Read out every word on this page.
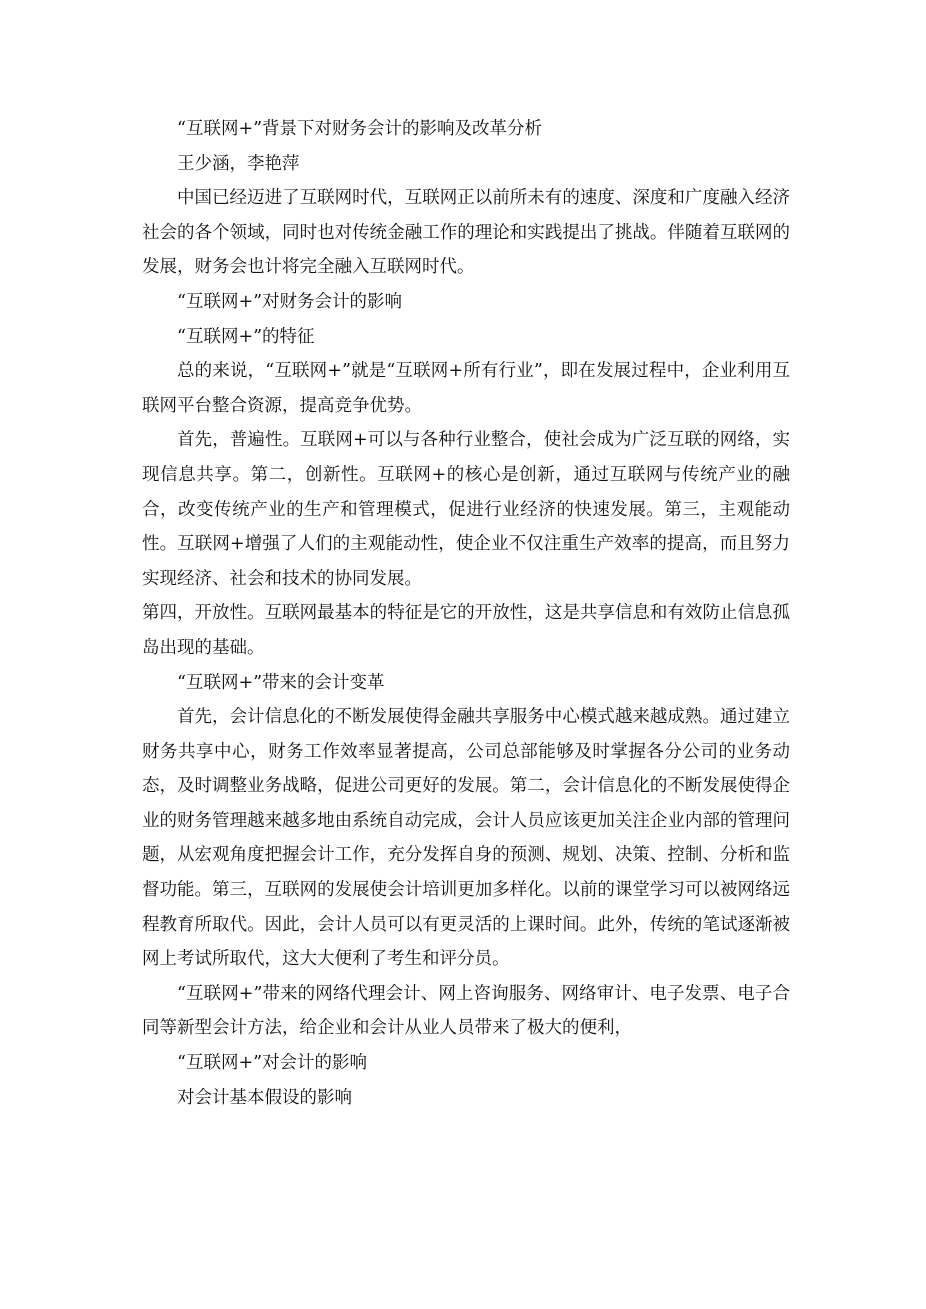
“互联网+”背景下对财务会计的影响及改革分析

王少涵，李艳萍

中国已经迈进了互联网时代，互联网正以前所未有的速度、深度和广度融入经济社会的各个领域，同时也对传统金融工作的理论和实践提出了挑战。伴随着互联网的发展，财务会也计将完全融入互联网时代。

“互联网+”对财务会计的影响

“互联网+”的特征

总的来说，“互联网+”就是“互联网+所有行业”，即在发展过程中，企业利用互联网平台整合资源，提高竞争优势。

首先，普遍性。互联网+可以与各种行业整合，使社会成为广泛互联的网络，实现信息共享。第二，创新性。互联网+的核心是创新，通过互联网与传统产业的融合，改变传统产业的生产和管理模式，促进行业经济的快速发展。第三，主观能动性。互联网+增强了人们的主观能动性，使企业不仅注重生产效率的提高，而且努力实现经济、社会和技术的协同发展。

第四，开放性。互联网最基本的特征是它的开放性，这是共享信息和有效防止信息孤岛出现的基础。

“互联网+”带来的会计变革

首先，会计信息化的不断发展使得金融共享服务中心模式越来越成熟。通过建立财务共享中心，财务工作效率显著提高，公司总部能够及时掌握各分公司的业务动态，及时调整业务战略，促进公司更好的发展。第二，会计信息化的不断发展使得企业的财务管理越来越多地由系统自动完成，会计人员应该更加关注企业内部的管理问题，从宏观角度把握会计工作，充分发挥自身的预测、规划、决策、控制、分析和监督功能。第三，互联网的发展使会计培训更加多样化。以前的课堂学习可以被网络远程教育所取代。因此，会计人员可以有更灵活的上课时间。此外，传统的笔试逐渐被网上考试所取代，这大大便利了考生和评分员。

“互联网+”带来的网络代理会计、网上咨询服务、网络审计、电子发票、电子合同等新型会计方法，给企业和会计从业人员带来了极大的便利，

“互联网+”对会计的影响

对会计基本假设的影响
